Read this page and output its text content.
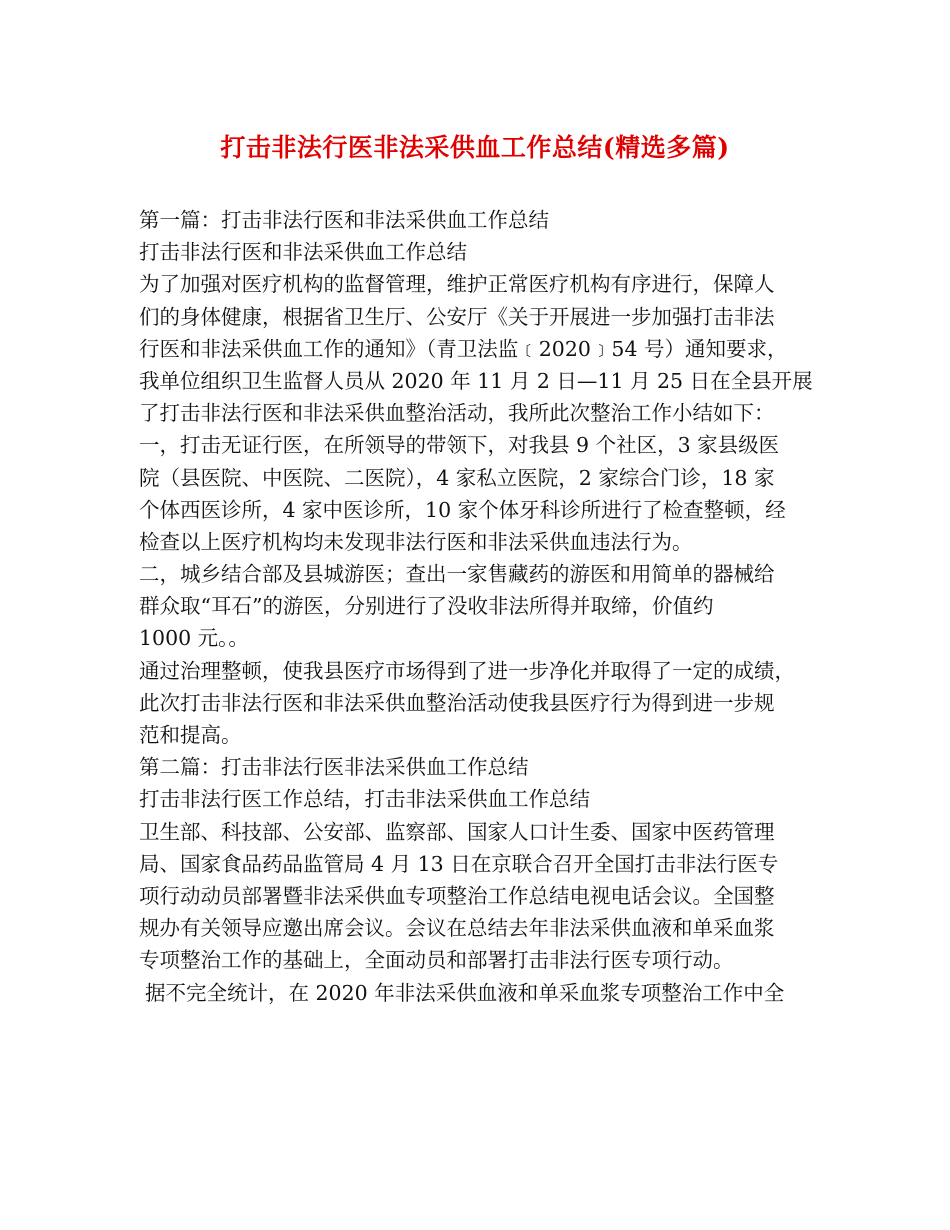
打击非法行医非法采供血工作总结(精选多篇)
第一篇：打击非法行医和非法采供血工作总结
打击非法行医和非法采供血工作总结
为了加强对医疗机构的监督管理，维护正常医疗机构有序进行，保障人
们的身体健康，根据省卫生厅、公安厅《关于开展进一步加强打击非法
行医和非法采供血工作的通知》（青卫法监﹝2020﹞54 号）通知要求，
我单位组织卫生监督人员从 2020 年 11 月 2 日—11 月 25 日在全县开展
了打击非法行医和非法采供血整治活动，我所此次整治工作小结如下：
一，打击无证行医，在所领导的带领下，对我县 9 个社区，3 家县级医
院（县医院、中医院、二医院），4 家私立医院，2 家综合门诊，18 家
个体西医诊所，4 家中医诊所，10 家个体牙科诊所进行了检查整顿，经
检查以上医疗机构均未发现非法行医和非法采供血违法行为。
二，城乡结合部及县城游医；查出一家售藏药的游医和用简单的器械给
群众取“耳石”的游医，分别进行了没收非法所得并取缔，价值约
1000 元。。
通过治理整顿，使我县医疗市场得到了进一步净化并取得了一定的成绩，
此次打击非法行医和非法采供血整治活动使我县医疗行为得到进一步规
范和提高。
第二篇：打击非法行医非法采供血工作总结
打击非法行医工作总结，打击非法采供血工作总结
卫生部、科技部、公安部、监察部、国家人口计生委、国家中医药管理
局、国家食品药品监管局 4 月 13 日在京联合召开全国打击非法行医专
项行动动员部署暨非法采供血专项整治工作总结电视电话会议。全国整
规办有关领导应邀出席会议。会议在总结去年非法采供血液和单采血浆
专项整治工作的基础上，全面动员和部署打击非法行医专项行动。
据不完全统计，在 2020 年非法采供血液和单采血浆专项整治工作中全
